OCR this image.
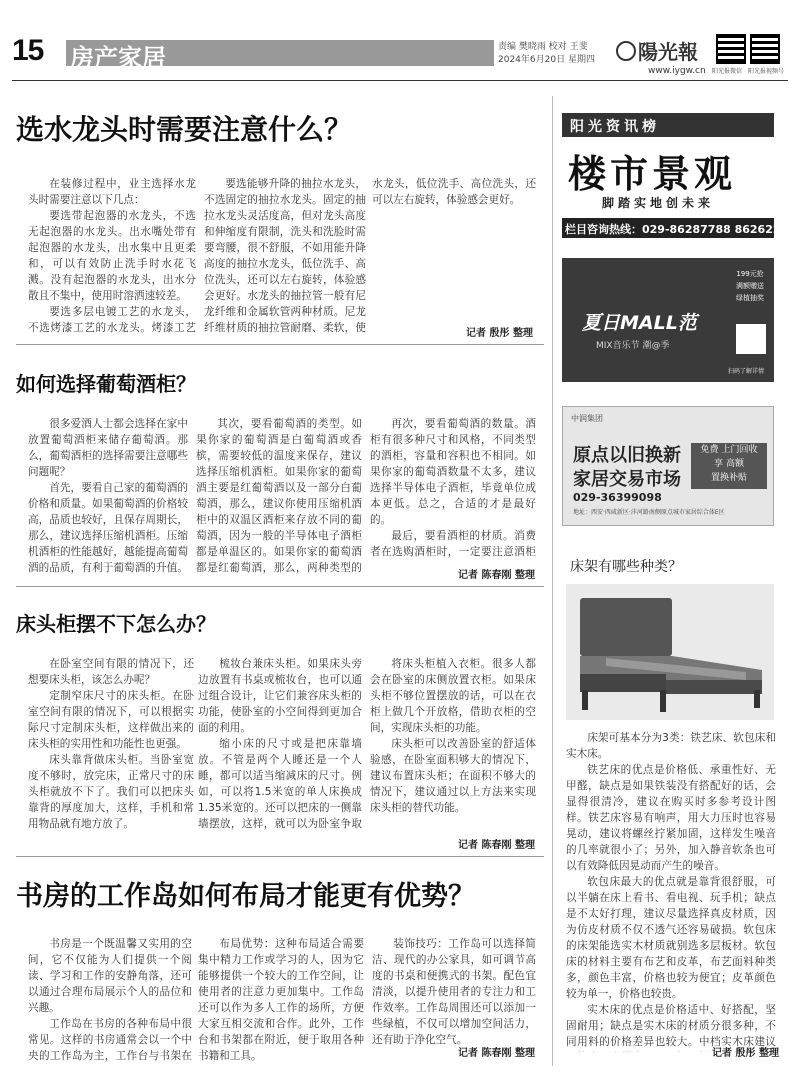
15 房产家居	责编 樊晓雨 校对 王斐
2024年6月20日 星期四 陽光報
www.iygw.cn 阳光报微信 阳光报视频号
选水龙头时需要注意什么？

在装修过程中，业主选择水龙头时需要注意以下几点：

要选带起泡器的水龙头，不选无起泡器的水龙头。出水嘴处带有起泡器的水龙头，出水集中且更柔和，可以有效防止洗手时水花飞溅。没有起泡器的水龙头，出水分散且不集中，使用时溶洒速较差。

要选多层电镀工艺的水龙头，不选烤漆工艺的水龙头。烤漆工艺

要选能够升降的抽拉水龙头，不选固定的抽拉水龙头。固定的抽拉水龙头灵活度高，但对龙头高度和伸缩度有限制，洗头和洗脸时需要弯腰，很不舒服，不如用能升降高度的抽拉水龙头，低位洗手、高位洗头，还可以左右旋转，体验感会更好。水龙头的抽拉管一般有尼龙纤维和金属软管两种材质。尼龙纤维材质的抽拉管耐磨、柔软，使

水龙头，低位洗手、高位洗头，还可以左右旋转，体验感会更好。

记者 殷彤 整理
如何选择葡萄酒柜？

很多爱酒人士都会选择在家中放置葡萄酒柜来储存葡萄酒。那么，葡萄酒柜的选择需要注意哪些问题呢？

首先，要看自己家的葡萄酒的价格和质量。如果葡萄酒的价格较高，品质也较好，且保存周期长，那么，建议选择压缩机酒柜。压缩机酒柜的性能越好，越能提高葡萄酒的品质，有利于葡萄酒的升值。

其次，要看葡萄酒的类型。如果你家的葡萄酒是白葡萄酒或香槟，需要较低的温度来保存，建议选择压缩机酒柜。如果你家的葡萄酒主要是红葡萄酒以及一部分白葡萄酒，那么，建议你使用压缩机酒柜中的双温区酒柜来存放不同的葡萄酒，因为一般的半导体电子酒柜都是单温区的。如果你家的葡萄酒都是红葡萄酒，那么，两种类型的

再次，要看葡萄酒的数量。酒柜有很多种尺寸和风格，不同类型的酒柜，容量和容积也不相同。如果你家的葡萄酒数量不太多，建议选择半导体电子酒柜，毕竟单位成本更低。总之，合适的才是最好的。

最后，要看酒柜的材质。消费者在选购酒柜时，一定要注意酒柜

记者 陈春刚 整理
床头柜摆不下怎么办？

在卧室空间有限的情况下，还想要床头柜，该怎么办呢？

定制窄床尺寸的床头柜。在卧室空间有限的情况下，可以根据实际尺寸定制床头柜，这样做出来的床头柜的实用性和功能性也更强。

床头靠背做床头柜。当卧室宽度不够时，放完床，正常尺寸的床头柜就放不下了。我们可以把床头靠背的厚度加大，这样，手机和常用物品就有地方放了。

梳妆台兼床头柜。如果床头旁边放置有书桌或梳妆台，也可以通过组合设计，让它们兼容床头柜的功能，使卧室的小空间得到更加合面的利用。

缩小床的尺寸或是把床靠墙放。不管是两个人睡还是一个人睡，都可以适当缩减床的尺寸。例如，可以将1.5米宽的单人床换成1.35米宽的。还可以把床的一侧靠墙摆放，这样，就可以为卧室争取

将床头柜植入衣柜。很多人都会在卧室的床侧放置衣柜。如果床头柜不够位置摆放的话，可以在衣柜上做几个开放格，借助衣柜的空间，实现床头柜的功能。

床头柜可以改善卧室的舒适体验感，在卧室面积够大的情况下，建议布置床头柜；在面积不够大的情况下，建议通过以上方法来实现床头柜的替代功能。

记者 陈春刚 整理
书房的工作岛如何布局才能更有优势？

书房是一个既温馨又实用的空间，它不仅能为人们提供一个阅读、学习和工作的安静角落，还可以通过合理布局展示个人的品位和兴趣。

工作岛在书房的各种布局中很常见。这样的书房通常会以一个中央的工作岛为主，工作台与书架在

布局优势：这种布局适合需要集中精力工作或学习的人，因为它能够提供一个较大的工作空间，让使用者的注意力更加集中。工作岛还可以作为多人工作的场所，方便大家互相交流和合作。此外，工作台和书架都在附近，便于取用各种书籍和工具。

装饰技巧：工作岛可以选择简洁、现代的办公家具，如可调节高度的书桌和便携式的书架。配色宜清淡，以提升使用者的专注力和工作效率。工作岛周围还可以添加一些绿植，不仅可以增加空间活力，还有助于净化空气。

记者 陈春刚 整理
阳光资讯榜
楼市景观
脚踏实地创未来
栏目咨询热线：029-86287788 86262269
夏日MALL范
MIX音乐节 潮@季
199元抢
满额赠送
绿植抽奖
扫码了解详情
中润集团
原点以旧换新
家居交易市场
免费 上门回收
享 高额
置换补贴
029-36399098
地址：西安·西咸新区·沣河路南侧原点城市家居综合体E区
床架有哪些种类？

床架可基本分为3类：铁艺床、软包床和实木床。

铁艺床的优点是价格低、承重性好、无甲醛，缺点是如果铁装没有搭配好的话，会显得很清冷，建议在购买时多参考设计图样。铁艺床容易有响声，用大力压时也容易晃动，建议将螺丝拧紧加固，这样发生噪音的几率就很小了；另外，加入静音软条也可以有效降低因晃动而产生的噪音。

软包床最大的优点就是靠背很舒服，可以半躺在床上看书、看电视、玩手机；缺点是不太好打理，建议尽量选择真皮材质，因为仿皮材质不仅不透气还容易破损。软包床的床架能选实木材质就别选多层板材。软包床的材料主要有布艺和皮革，布艺面料种类多，颜色丰富，价格也较为便宜；皮革颜色较为单一，价格也较贵。

实木床的优点是价格适中、好搭配，坚固耐用；缺点是实木床的材质分很多种，不同用料的价格差异也较大。中档实木床建议

记者 殷彤 整理
